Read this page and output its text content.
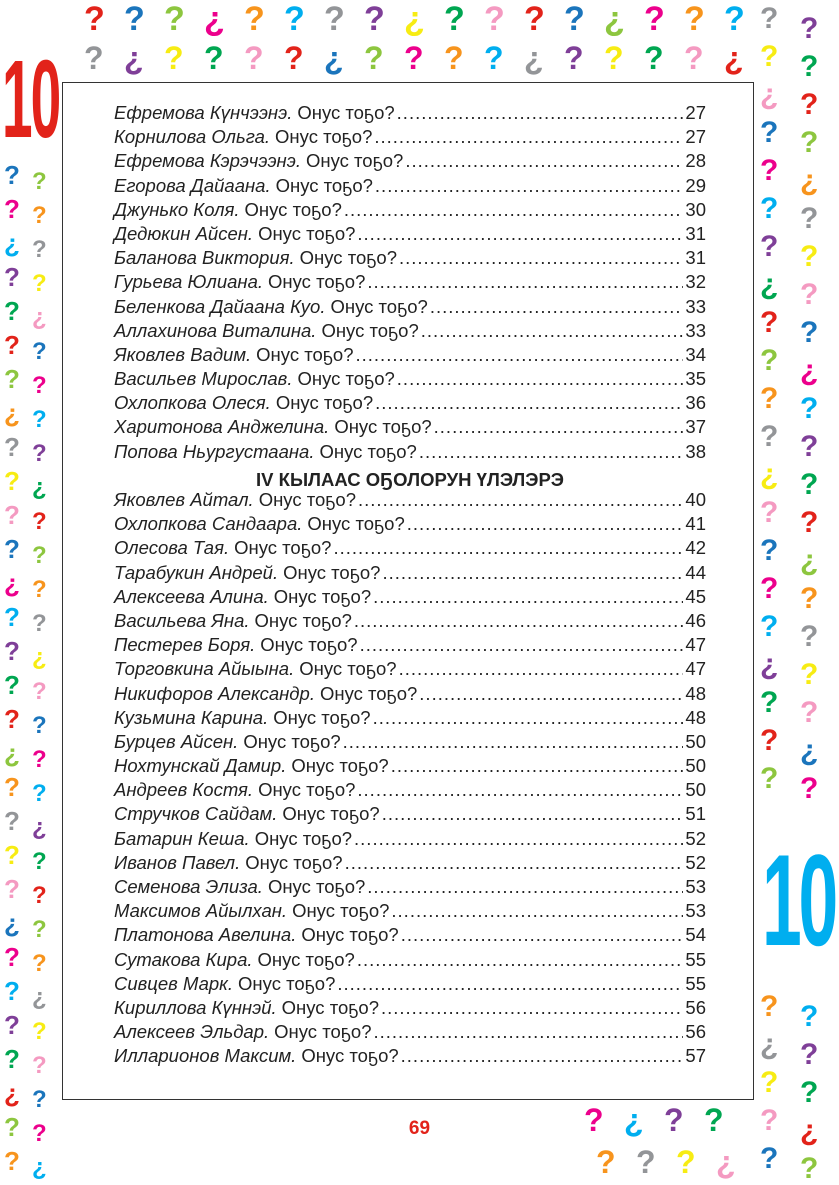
? ? ? ¿ ? ? ? ? ¿ ? ? ? ? ¿ ? ? ?
? ¿ ? ? ? ? ¿ ? ? ? ? ¿ ? ? ? ? ¿
? ?
? ?
¿ ?
? ?
? ¿
? ?
? ?
¿ ?
? ?
? ¿
? ?
? ?
¿ ?
? ?
? ¿
? ?
? ?
¿ ?
? ?
? ¿
? ?
? ?
¿ ?
? ?
? ¿
? ?
? ?
¿ ?
? ?
? ¿
? ?
? ?
¿ ?
? ?
? ¿
? ?
? ?
¿ ?
? ?
? ¿
? ?
? ?
¿ ?
? ?
? ¿
? ?
? ?
¿ ?
? ?
? ¿
? ?
? ?
¿ ?
? ?
? ¿
? ?
?
?
¿
?
?
?
?
¿
10
10
Ефремова Күнчээнэ. Онус тоҕо? .....	27
Корнилова Ольга. Онус тоҕо? .....	27
Ефремова Кэрэчээнэ. Онус тоҕо? .....	28
Егорова Дайаана. Онус тоҕо? .....	29
Джунько Коля. Онус тоҕо? .....	30
Дедюкин Айсен. Онус тоҕо? .....	31
Баланова Виктория. Онус тоҕо? .....	31
Гурьева Юлиана. Онус тоҕо? .....	32
Беленкова Дайаана Куо. Онус тоҕо? .....	33
Аллахинова Виталина. Онус тоҕо? .....	33
Яковлев Вадим. Онус тоҕо? .....	34
Васильев Мирослав. Онус тоҕо? .....	35
Охлопкова Олеся. Онус тоҕо? .....	36
Харитонова Анджелина. Онус тоҕо? .....	37
Попова Ньургустаана. Онус тоҕо? .....	38
IV КЫЛААС ОҔОЛОРУН ҮЛЭЛЭРЭ
Яковлев Айтал. Онус тоҕо? .....	40
Охлопкова Сандаара. Онус тоҕо? .....	41
Олесова Тая. Онус тоҕо? .....	42
Тарабукин Андрей. Онус тоҕо? .....	44
Алексеева Алина. Онус тоҕо? .....	45
Васильева Яна. Онус тоҕо? .....	46
Пестерев Боря. Онус тоҕо? .....	47
Торговкина Айыына. Онус тоҕо? .....	47
Никифоров Александр. Онус тоҕо? .....	48
Кузьмина Карина. Онус тоҕо? .....	48
Бурцев Айсен. Онус тоҕо? .....	50
Нохтунскай Дамир. Онус тоҕо? .....	50
Андреев Костя. Онус тоҕо? .....	50
Стручков Сайдам. Онус тоҕо? .....	51
Батарин Кеша. Онус тоҕо? .....	52
Иванов Павел. Онус тоҕо? .....	52
Семенова Элиза. Онус тоҕо? .....	53
Максимов Айылхан. Онус тоҕо? .....	53
Платонова Авелина. Онус тоҕо? .....	54
Сутакова Кира. Онус тоҕо? .....	55
Сивцев Марк. Онус тоҕо? .....	55
Кириллова Күннэй. Онус тоҕо? .....	56
Алексеев Эльдар. Онус тоҕо? .....	56
Илларионов Максим. Онус тоҕо? .....	57
69
